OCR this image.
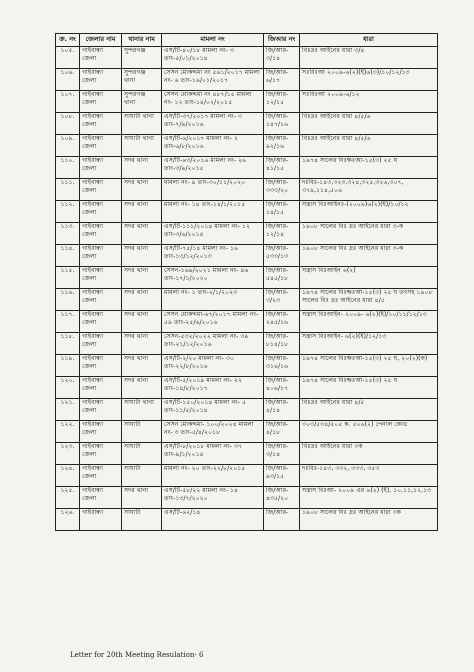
ক্র. নং	জেলার নাম	থানার নাম	মামলা নং	জিআর নং	ধারা
১০৫.	গাইবান্ধা জেলা	সুন্দরগঞ্জ	এস/টি-৪০/১৮ মামলা নং- ৩ তাং-৫/০১/২০১৪	জি/আর- ৩/১৪	বিঃদ্রঃ আইনের ধারা ৩/৪
১০৬.	গাইবান্ধা জেলা	সুন্দরগঞ্জ থানা	সেসন মোকদ্দমা নং ৫৬১/২০১৭ মামলা নং- ৬ তাং-১৬/০১/২০১৭	জি/আর- ৬/১৭	সঃবিঃআ ২০০৯-৬(২)(ই)৬(৩)/১০/১২/১৩
১০৭.	গাইবান্ধা জেলা	সুন্দরগঞ্জ থানা	সেসন মোকদ্দমা নং ৪৮৭/১৫ মামলা নং- ১২ তাং-১৪/০২/২০১৫	জি/আর- ১২/১৫	সঃবিঃআ ২০০৯-৬/১২
১০৮.	গাইবান্ধা জেলা	সাঘাটা থানা	এস/টি-৩৭/২০১৭ মামলা নং- ৩ তাং-৭/৯/২০১৬	জি/আর- ১৪৭/১৬	বিঃদ্রঃ আইনের ধারা ৪/৫/৬
১০৯.	গাইবান্ধা জেলা	সাঘাটা থানা	এস/টি-৬/২০১৭ মামলা নং- ২ তাং-৬/৮/২০১৬	জি/আর- ৯২/১৬	বিঃদ্রঃ আইনের ধারা ৪/৫/৬
১১০.	গাইবান্ধা জেলা	সদর থানা	এস/টি-৬৩/২০১৬ মামলা নং- ২৬ তাং-৩/৯/২০১৫	জি/আর- ৪১/১৫	১৯৭৪ সালের বিঃক্ষঃআ-১৫(৩) ২৫ ঘ
১১১.	গাইবান্ধা জেলা	সদর থানা	মামলা নং- ৯ তাং-৩০/১১/২০২০	জি/আর- ৩৩৩/২০	দঃবিঃ-১৪৩,৩২৩,৩২৪,৩২৫,৩২৬,৩০৭, ৩৭৯,১১৪,৫০৬
১১২.	গাইবান্ধা জেলা	সদর থানা	মামলা নং- ১৪ তাং-১৪/১/২০১৫	জি/আর- ১৪/১৫	সন্ত্রাস বিঃআইনঃ-(২০০৯)৬(২)(ই)/১০/১২
১১৩.	গাইবান্ধা জেলা	সদর থানা	এস/টি-১১১/২০১৪ মামলা নং- ১২ তাং-৩/৬/২০১৪	জি/আর- ১২/১৪	১৯০৮ সালের বিঃ দ্রঃ আইনের ধারা ৩-ক
১১৪.	গাইবান্ধা জেলা	সদর থানা	এস/টি-৭৫/১৪ মামলা নং- ১৬ তাং-১৩/১২/২০১৩	জি/আর- ৫৩৩/১৩	১৯০৮ সালের বিঃ দ্রঃ আইনের ধারা ৩-ক
১১৫.	গাইবান্ধা জেলা	সদর থানা	সেসন-১৬৯/২০২১ মামলা নং- ৪৬ তাং-১৭/১/২০২০	জি/আর- ৫৪৫/১৮	সন্ত্রাস বিঃআইন ৬(২)
১১৬.	গাইবান্ধা জেলা	সদর থানা	মামলা নং- ১ তাং-২/১/২০২৩	জি/আর- ৩/২৩	১৯৭৪ সালের বিঃক্ষঃআ-১৫(৩) ২৫ ঘ তৎসহ ১৯০৮ সালের বিঃ দ্রঃ আইনের ধারা ৪/৫
১১৭.	গাইবান্ধা জেলা	সদর থানা	সেসন মোকদ্দমা-৬৭/২০১৭ মামলা নং- ৫৯ তাং-২৫/৬/২০১৬	জি/আর- ২৪৫/১৬	সন্ত্রাস বিঃআইন- ২০০৯- ৬(২)(ই)/১০/১১/১২/১৩
১১৮.	গাইবান্ধা জেলা	সদর থানা	সেসন-৫৩২/২০২২ মামলা নং- ৩৯ তাং-২১/১২/২০১৬	জি/আর- ৮১৪/১৮	সন্ত্রাস বিঃআইন- ৬(২)(ই)/১২/১৩
১১৯.	গাইবান্ধা জেলা	সদর থানা	এস/টি-২/২০ মামলা নং- ৩০ তাং-২২/৮/২০১৬	জি/আর- ৩১৬/১৬	১৯৭৪ সালের বিঃক্ষঃআ-১৫(৩) ২৫ ঘ, ২০(২)(ক)
১২০.	গাইবান্ধা জেলা	সদর থানা	এস/টি-৫/২০১৯ মামলা নং- ২২ তাং-১৪/৮/২০১৭	জি/আর- ৪০৬/১৭	১৯৭৪ সালের বিঃক্ষঃআ-১৫(৩) ২৫ ঘ
১২১.	গাইবান্ধা জেলা	সাঘাটা থানা	এস/টি-১৫০/২০১৪ মামলা নং- ৫ তাং-১১/৫/২০১৪	জি/আর- ৪/১৪	বিঃদ্রঃ আইনের ধারা ৪/৫
১২২.	গাইবান্ধা জেলা	সাঘাটা	সেসন মোকদ্দমা- ১০০/২০২৪ মামলা নং- ৩ তাং-৫/৪/২০১৮	জি/আর- ৪/১৮	৩০৩/৫৩৪/৫০৫ ক. ৫০৬(২) পেনাল কোড
১২৩.	গাইবান্ধা জেলা	সাঘাটা	এস/টি-৮/২০১৮ মামলা নং- ৩৭ তাং-৯/১/২০১৪	জি/আর- ৩/১৪	বিঃদ্রঃ আইনের ধারা ৩ক
১২৪.	গাইবান্ধা জেলা	সাঘাটা	মামলা নং- ২০ তাং-২২/৮/২০১৫	জি/আর- ৯৩/১৫	দঃবিঃ-১৪৩, ৩৩২, ৩৩৩, ৩৫৩
১২৫.	গাইবান্ধা জেলা	সদর থানা	এস/টি-৫৮/২২ মামলা নং- ১৪ তাং-১৩/৭/২০২০	জি/আর- ৪৩৫/২০	সন্ত্রাস বিঃআ- ২০০৯ এর ৬(২) (ই), ১০,১১,১২,১৩
১২৬.	গাইবান্ধা	সাঘাটা	এস/টি-৬২/১৪	জি/আর-	১৯০৮ সালের বিঃ দ্রঃ আইনের ধারা ৩ক
Letter for 20th Meeting Resulation- 6
